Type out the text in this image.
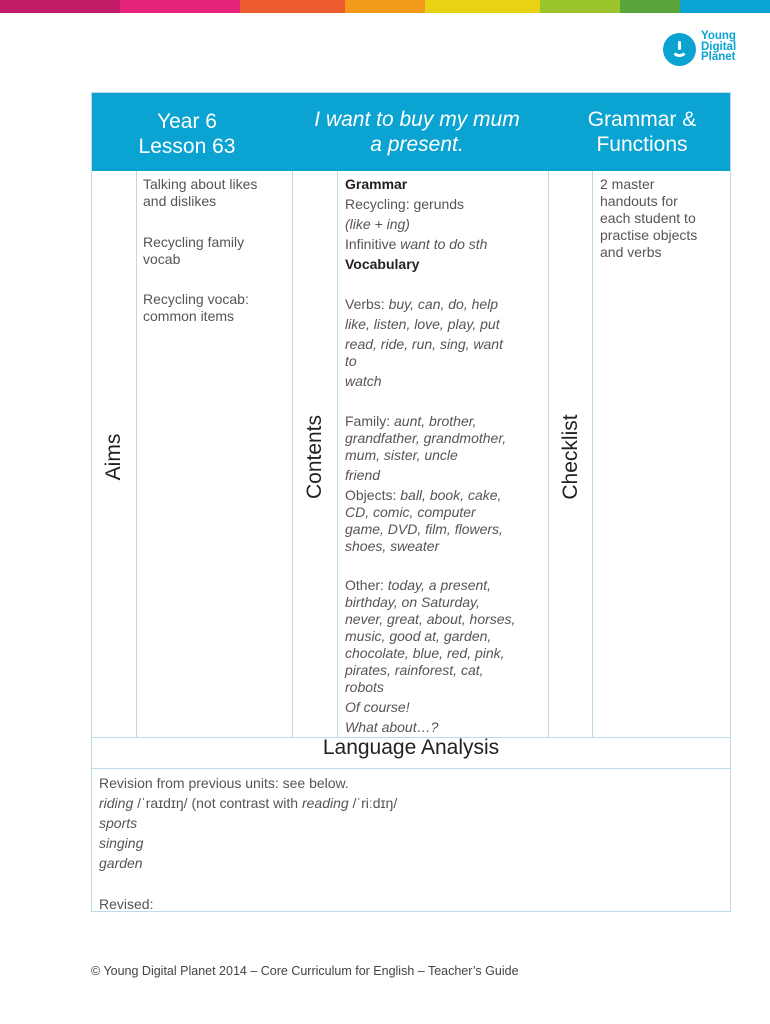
Young
Digital
Planet
Year 6
Lesson 63
I want to buy my mum
a present.
Grammar &
Functions
Aims	Contents	Checklist

Talking about likes

and dislikes

Recycling family

vocab

Recycling vocab:

common items

Grammar

Recycling: gerunds

(like + ing)

Infinitive want to do sth

Vocabulary

Verbs: buy, can, do, help

like, listen, love, play, put

read, ride, run, sing, want

to

watch

Family: aunt, brother,

grandfather, grandmother,

mum, sister, uncle

friend

Objects: ball, book, cake,

CD, comic, computer

game, DVD, film, flowers,

shoes, sweater

Other: today, a present,

birthday, on Saturday,

never, great, about, horses,

music, good at, garden,

chocolate, blue, red, pink,

pirates, rainforest, cat,

robots

Of course!

What about…?

2 master

handouts for

each student to

practise objects

and verbs

Language Analysis

Revision from previous units: see below.

riding /ˈraɪdɪŋ/ (not contrast with reading /ˈriːdɪŋ/

sports

singing

garden

Revised:

© Young Digital Planet 2014 – Core Curriculum for English – Teacher’s Guide
